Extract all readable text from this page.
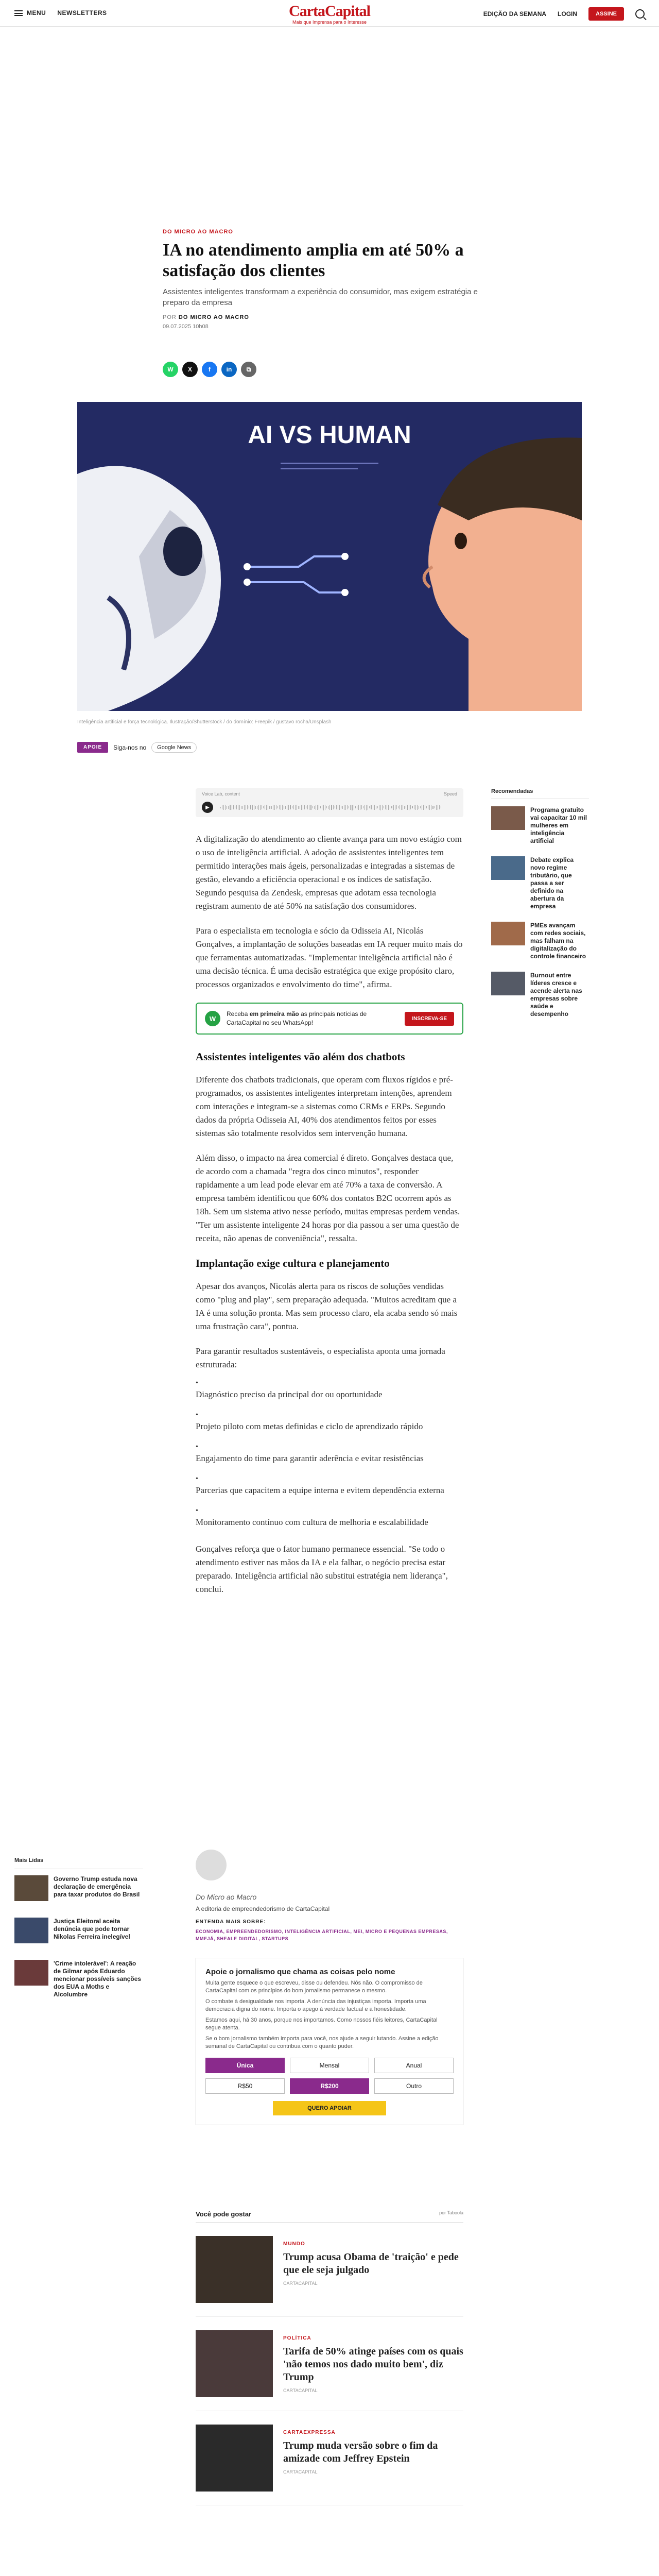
MENU NEWSLETTERS	CartaCapital
Mais que Imprensa para o Interesse
EDIÇÃO DA SEMANA LOGIN	ASSINE
DO MICRO AO MACRO
IA no atendimento amplia em até 50% a satisfação dos clientes
Assistentes inteligentes transformam a experiência do consumidor, mas exigem estratégia e preparo da empresa
POR DO MICRO AO MACRO
09.07.2025 10h08
W	X	f	in	⧉
AI VS HUMAN
Inteligência artificial e força tecnológica. Ilustração/Shutterstock / do domínio: Freepik / gustavo rocha/Unsplash
APOIE	Siga-nos no	Google News
Voice Lab, content	Speed
▶

A digitalização do atendimento ao cliente avança para um novo estágio com o uso de inteligência artificial. A adoção de assistentes inteligentes tem permitido interações mais ágeis, personalizadas e integradas a sistemas de gestão, elevando a eficiência operacional e os índices de satisfação. Segundo pesquisa da Zendesk, empresas que adotam essa tecnologia registram aumento de até 50% na satisfação dos consumidores.

Para o especialista em tecnologia e sócio da Odisseia AI, Nicolás Gonçalves, a implantação de soluções baseadas em IA requer muito mais do que ferramentas automatizadas. "Implementar inteligência artificial não é uma decisão técnica. É uma decisão estratégica que exige propósito claro, processos organizados e envolvimento do time", afirma.

W
Receba em primeira mão as principais notícias de CartaCapital no seu WhatsApp!
INSCREVA-SE
Assistentes inteligentes vão além dos chatbots

Diferente dos chatbots tradicionais, que operam com fluxos rígidos e pré-programados, os assistentes inteligentes interpretam intenções, aprendem com interações e integram-se a sistemas como CRMs e ERPs. Segundo dados da própria Odisseia AI, 40% dos atendimentos feitos por esses sistemas são totalmente resolvidos sem intervenção humana.

Além disso, o impacto na área comercial é direto. Gonçalves destaca que, de acordo com a chamada "regra dos cinco minutos", responder rapidamente a um lead pode elevar em até 70% a taxa de conversão. A empresa também identificou que 60% dos contatos B2C ocorrem após as 18h. Sem um sistema ativo nesse período, muitas empresas perdem vendas. "Ter um assistente inteligente 24 horas por dia passou a ser uma questão de receita, não apenas de conveniência", ressalta.

Implantação exige cultura e planejamento

Apesar dos avanços, Nicolás alerta para os riscos de soluções vendidas como "plug and play", sem preparação adequada. "Muitos acreditam que a IA é uma solução pronta. Mas sem processo claro, ela acaba sendo só mais uma frustração cara", pontua.

Para garantir resultados sustentáveis, o especialista aponta uma jornada estruturada:

• Diagnóstico preciso da principal dor ou oportunidade
• Projeto piloto com metas definidas e ciclo de aprendizado rápido
• Engajamento do time para garantir aderência e evitar resistências
• Parcerias que capacitem a equipe interna e evitem dependência externa
• Monitoramento contínuo com cultura de melhoria e escalabilidade

Gonçalves reforça que o fator humano permanece essencial. "Se todo o atendimento estiver nas mãos da IA e ela falhar, o negócio precisa estar preparado. Inteligência artificial não substitui estratégia nem liderança", conclui.

Recomendadas
Programa gratuito vai capacitar 10 mil mulheres em inteligência artificial
Debate explica novo regime tributário, que passa a ser definido na abertura da empresa
PMEs avançam com redes sociais, mas falham na digitalização do controle financeiro
Burnout entre líderes cresce e acende alerta nas empresas sobre saúde e desempenho
Mais Lidas
Governo Trump estuda nova declaração de emergência para taxar produtos do Brasil
Justiça Eleitoral aceita denúncia que pode tornar Nikolas Ferreira inelegível
'Crime intolerável': A reação de Gilmar após Eduardo mencionar possíveis sanções dos EUA a Moths e Alcolumbre
Do Micro ao Macro
A editoria de empreendedorismo de CartaCapital
ENTENDA MAIS SOBRE:
ECONOMIA, EMPREENDEDORISMO, INTELIGÊNCIA ARTIFICIAL, MEI, MICRO E PEQUENAS EMPRESAS, MMEJÁ, SHEALE DIGITAL, STARTUPS
Apoie o jornalismo que chama as coisas pelo nome
Muita gente esquece o que escreveu, disse ou defendeu. Nós não. O compromisso de CartaCapital com os princípios do bom jornalismo permanece o mesmo.
O combate à desigualdade nos importa. A denúncia das injustiças importa. Importa uma democracia digna do nome. Importa o apego à verdade factual e a honestidade.
Estamos aqui, há 30 anos, porque nos importamos. Como nossos fiéis leitores, CartaCapital segue atenta.
Se o bom jornalismo também importa para você, nos ajude a seguir lutando. Assine a edição semanal de CartaCapital ou contribua com o quanto puder.
Única	Mensal	Anual
R$50	R$200	Outro
QUERO APOIAR
Você pode gostar	por Taboola
MUNDO
Trump acusa Obama de 'traição' e pede que ele seja julgado
CARTACAPITAL
POLÍTICA
Tarifa de 50% atinge países com os quais 'não temos nos dado muito bem', diz Trump
CARTACAPITAL
CARTAEXPRESSA
Trump muda versão sobre o fim da amizade com Jeffrey Epstein
CARTACAPITAL
